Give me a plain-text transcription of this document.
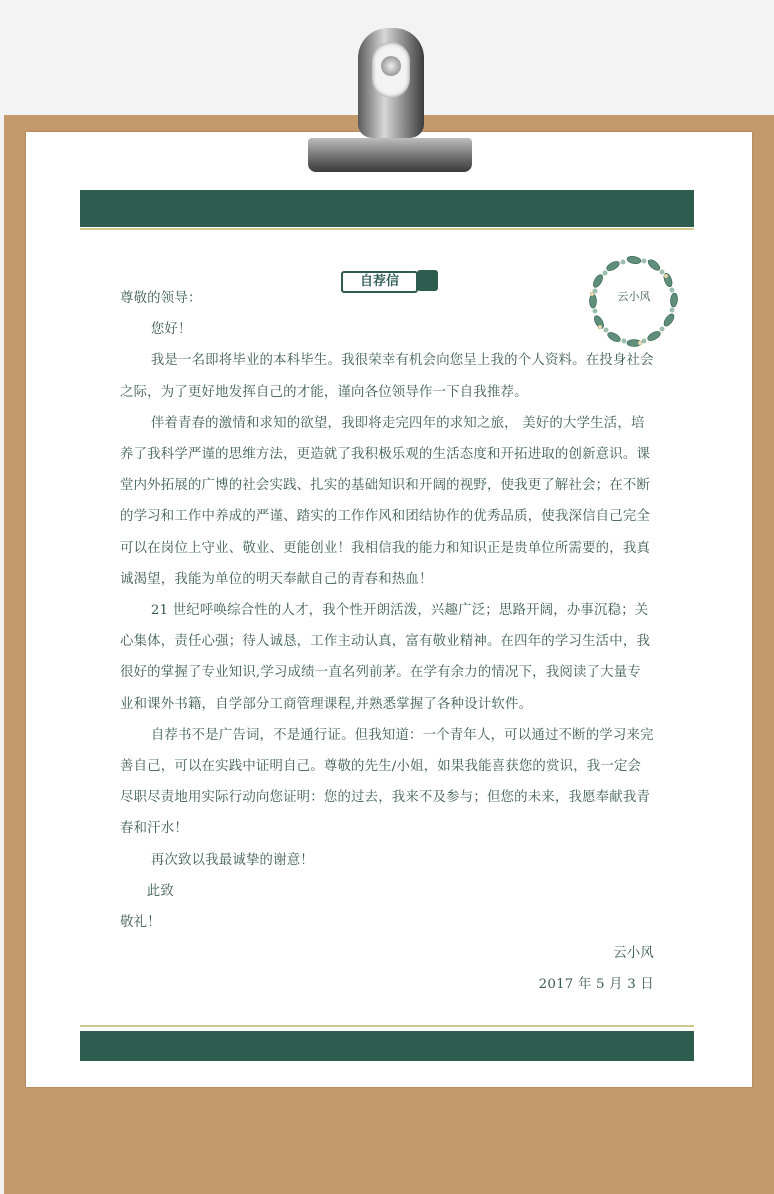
自荐信
云小风

尊敬的领导：

您好！

我是一名即将毕业的本科毕生。我很荣幸有机会向您呈上我的个人资料。在投身社会之际，为了更好地发挥自己的才能，谨向各位领导作一下自我推荐。

伴着青春的激情和求知的欲望，我即将走完四年的求知之旅， 美好的大学生活，培养了我科学严谨的思维方法，更造就了我积极乐观的生活态度和开拓进取的创新意识。课堂内外拓展的广博的社会实践、扎实的基础知识和开阔的视野，使我更了解社会；在不断的学习和工作中养成的严谨、踏实的工作作风和团结协作的优秀品质，使我深信自己完全可以在岗位上守业、敬业、更能创业！我相信我的能力和知识正是贵单位所需要的，我真诚渴望，我能为单位的明天奉献自己的青春和热血！

21 世纪呼唤综合性的人才，我个性开朗活泼，兴趣广泛；思路开阔，办事沉稳；关心集体，责任心强；待人诚恳，工作主动认真，富有敬业精神。在四年的学习生活中，我很好的掌握了专业知识,学习成绩一直名列前茅。在学有余力的情况下，我阅读了大量专业和课外书籍，自学部分工商管理课程,并熟悉掌握了各种设计软件。

自荐书不是广告词，不是通行证。但我知道：一个青年人，可以通过不断的学习来完善自己，可以在实践中证明自己。尊敬的先生/小姐，如果我能喜获您的赏识，我一定会尽职尽责地用实际行动向您证明：您的过去，我来不及参与；但您的未来，我愿奉献我青春和汗水！

再次致以我最诚挚的谢意！

此致

敬礼！

云小风

2017 年 5 月 3 日
